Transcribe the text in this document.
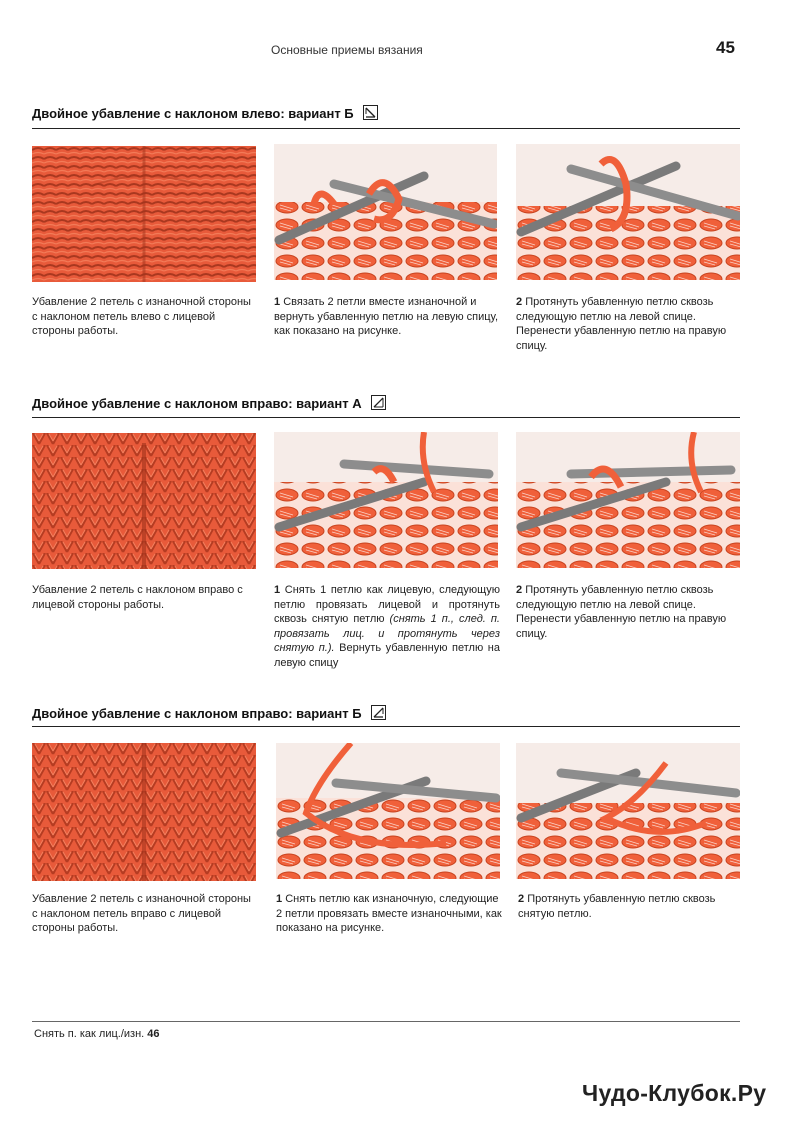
Основные приемы вязания	45
Двойное убавление с наклоном влево: вариант Б
Убавление 2 петель с изнаночной стороны с наклоном петель влево с лицевой стороны работы.
1 Связать 2 петли вместе изнаночной и вернуть убавленную петлю на левую спицу, как показано на рисунке.
2 Протянуть убавленную петлю сквозь следующую петлю на левой спице. Перенести убавленную петлю на правую спицу.
Двойное убавление с наклоном вправо: вариант А
Убавление 2 петель с наклоном вправо с лицевой стороны работы.
1 Снять 1 петлю как лицевую, следующую петлю провязать лицевой и протянуть сквозь снятую петлю (снять 1 п., след. п. провязать лиц. и протянуть через снятую п.). Вернуть убавленную петлю на левую спицу
2 Протянуть убавленную петлю сквозь следующую петлю на левой спице. Перенести убавленную петлю на правую спицу.
Двойное убавление с наклоном вправо: вариант Б
Убавление 2 петель с изнаночной стороны с наклоном петель вправо с лицевой стороны работы.
1 Снять петлю как изнаночную, следующие 2 петли провязать вместе изнаночными, как показано на рисунке.
2 Протянуть убавленную петлю сквозь снятую петлю.
Снять п. как лиц./изн. 46
Чудо-Клубок.Ру
